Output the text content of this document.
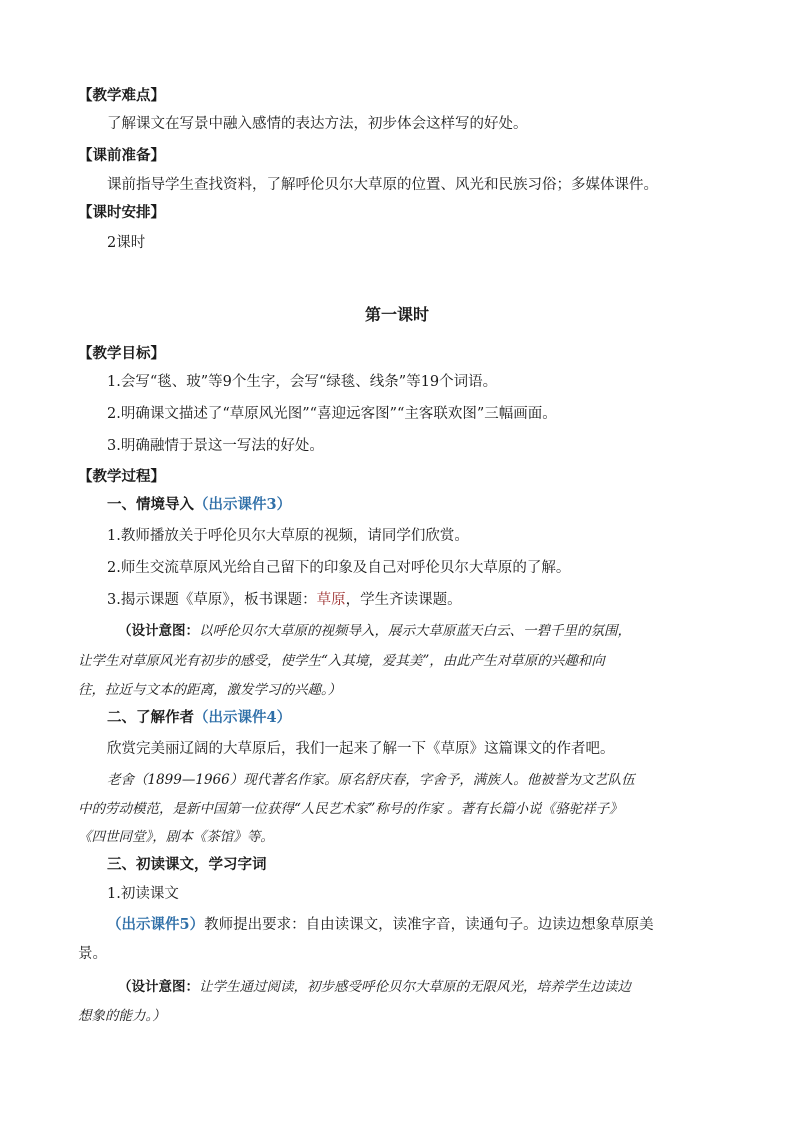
【教学难点】
了解课文在写景中融入感情的表达方法，初步体会这样写的好处。
【课前准备】
课前指导学生查找资料，了解呼伦贝尔大草原的位置、风光和民族习俗；多媒体课件。
【课时安排】
2课时
第一课时
【教学目标】
1.会写“毯、玻”等9个生字，会写“绿毯、线条”等19个词语。
2.明确课文描述了“草原风光图”“喜迎远客图”“主客联欢图”三幅画面。
3.明确融情于景这一写法的好处。
【教学过程】
一、情境导入（出示课件3）
1.教师播放关于呼伦贝尔大草原的视频，请同学们欣赏。
2.师生交流草原风光给自己留下的印象及自己对呼伦贝尔大草原的了解。
3.揭示课题《草原》，板书课题：草原，学生齐读课题。
（设计意图：以呼伦贝尔大草原的视频导入，展示大草原蓝天白云、一碧千里的氛围，
让学生对草原风光有初步的感受，使学生“入其境，爱其美”，由此产生对草原的兴趣和向
往，拉近与文本的距离，激发学习的兴趣。）
二、了解作者（出示课件4）
欣赏完美丽辽阔的大草原后，我们一起来了解一下《草原》这篇课文的作者吧。
老舍（1899—1966）现代著名作家。原名舒庆春，字舍予，满族人。他被誉为文艺队伍
中的劳动模范，是新中国第一位获得“人民艺术家”称号的作家 。著有长篇小说《骆驼祥子》
《四世同堂》，剧本《茶馆》等。
三、初读课文，学习字词
1.初读课文
（出示课件5）教师提出要求：自由读课文，读准字音，读通句子。边读边想象草原美
景。
（设计意图：让学生通过阅读，初步感受呼伦贝尔大草原的无限风光，培养学生边读边
想象的能力。）
